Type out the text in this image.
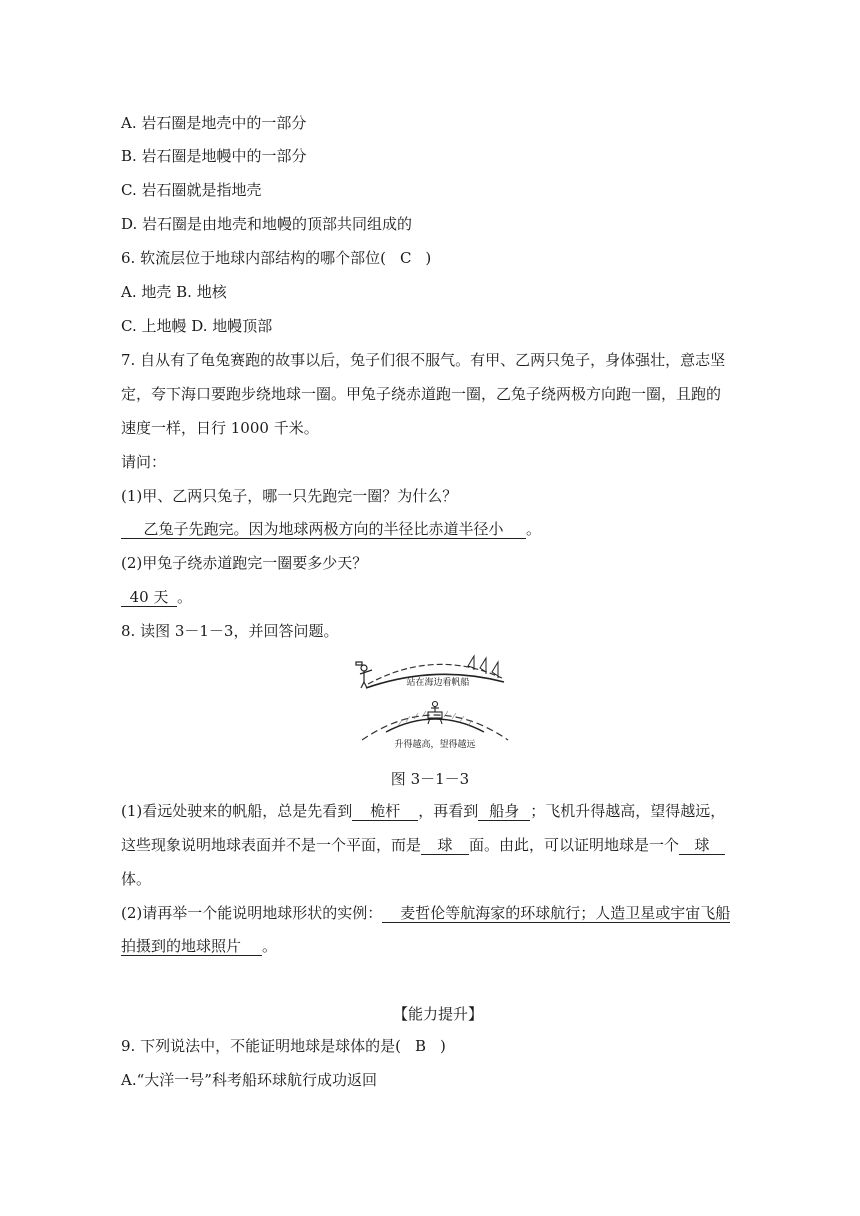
A. 岩石圈是地壳中的一部分
B. 岩石圈是地幔中的一部分
C. 岩石圈就是指地壳
D. 岩石圈是由地壳和地幔的顶部共同组成的
6. 软流层位于地球内部结构的哪个部位( C )
A. 地壳 B. 地核
C. 上地幔 D. 地幔顶部
7. 自从有了龟兔赛跑的故事以后，兔子们很不服气。有甲、乙两只兔子，身体强壮，意志坚
定，夸下海口要跑步绕地球一圈。甲兔子绕赤道跑一圈，乙兔子绕两极方向跑一圈，且跑的
速度一样，日行 1000 千米。
请问：
(1)甲、乙两只兔子，哪一只先跑完一圈？为什么？
乙兔子先跑完。因为地球两极方向的半径比赤道半径小 。
(2)甲兔子绕赤道跑完一圈要多少天？
40 天 。
8. 读图 3－1－3，并回答问题。
站在海边看帆船
升得越高，望得越远
图 3－1－3
(1)看远处驶来的帆船，总是先看到 桅杆 ，再看到 船身 ；飞机升得越高，望得越远，
这些现象说明地球表面并不是一个平面，而是 球 面。由此，可以证明地球是一个 球
体。
(2)请再举一个能说明地球形状的实例： 麦哲伦等航海家的环球航行；人造卫星或宇宙飞船
拍摄到的地球照片 。
【能力提升】
9. 下列说法中，不能证明地球是球体的是( B )
A.“大洋一号”科考船环球航行成功返回
